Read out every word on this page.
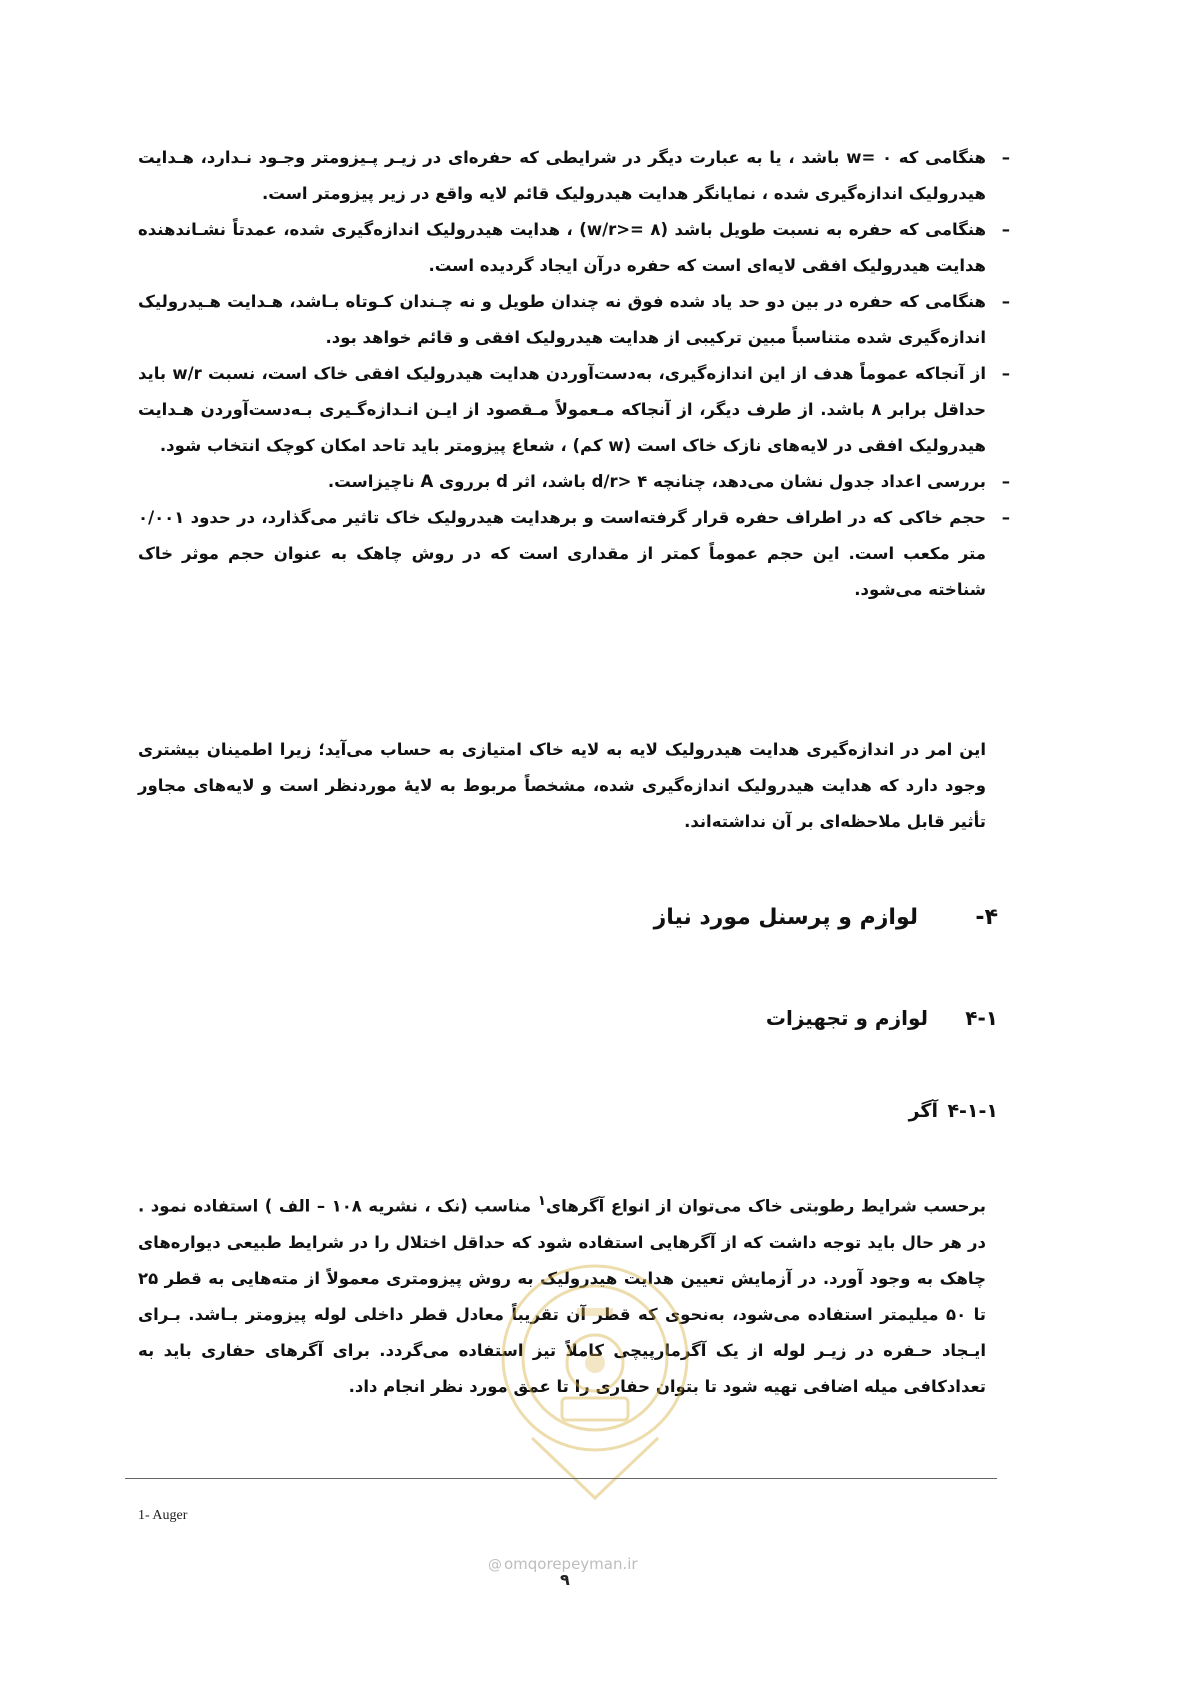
–
هنگامی که w= ۰ باشد ، یا به عبارت دیگر در شرایطی که حفره‌ای در زیـر پـیزومتر وجـود نـدارد، هـدایت هیدرولیک اندازه‌گیری شده ، نمایانگر هدایت هیدرولیک قائم لایه واقع در زیر پیزومتر است.
–
هنگامی که حفره به نسبت طویل باشد (w/r>= ۸) ، هدایت هیدرولیک اندازه‌گیری شده، عمدتاً نشـاندهنده هدایت هیدرولیک افقی لایه‌ای است که حفره درآن ایجاد گردیده است.
–
هنگامی که حفره در بین دو حد یاد شده فوق نه چندان طویل و نه چـندان کـوتاه بـاشد، هـدایت هـیدرولیک اندازه‌گیری شده متناسباً مبین ترکیبی از هدایت هیدرولیک افقی و قائم خواهد بود.
–
از آنجاکه عموماً هدف از این اندازه‌گیری، به‌دست‌آوردن هدایت هیدرولیک افقی خاک است، نسبت w/r باید حداقل برابر ۸ باشد. از طرف دیگر، از آنجاکه مـعمولاً مـقصود از ایـن انـدازه‌گـیری بـه‌دست‌آوردن هـدایت هیدرولیک افقی در لایه‌های نازک خاک است (w کم) ، شعاع پیزومتر باید تاحد امکان کوچک انتخاب شود.
–
بررسی اعداد جدول نشان می‌دهد، چنانچه d/r> ۴ باشد، اثر d برروی A ناچیزاست.
–
حجم خاکی که در اطراف حفره قرار گرفته‌است و برهدایت هیدرولیک خاک تاثیر می‌گذارد، در حدود ۰/۰۰۱ متر مکعب است. این حجم عموماً کمتر از مقداری است که در روش چاهک به عنوان حجم موثر خاک شناخته می‌شود.
این امر در اندازه‌گیری هدایت هیدرولیک لایه به لایه خاک امتیازی به حساب می‌آید؛ زیرا اطمینان بیشتری وجود دارد که هدایت هیدرولیک اندازه‌گیری شده، مشخصاً مربوط به لایهٔ موردنظر است و لایه‌های مجاور تأثیر قابل ملاحظه‌ای بر آن نداشته‌اند.
۴-
لوازم و پرسنل مورد نیاز
۴-۱
لوازم و تجهیزات
۴-۱-۱
آگر
برحسب شرایط رطوبتی خاک می‌توان از انواع آگرهای$^۱$ مناسب (نک ، نشریه ۱۰۸ – الف ) استفاده نمود . در هر حال باید توجه داشت که از آگرهایی استفاده شود که حداقل اختلال را در شرایط طبیعی دیواره‌های چاهک به وجود آورد. در آزمایش تعیین هدایت هیدرولیک به روش پیزومتری معمولاً از مته‌هایی به قطر ۲۵ تا ۵۰ میلیمتر استفاده می‌شود، به‌نحوی که قطر آن تقریباً معادل قطر داخلی لوله پیزومتر بـاشد. بـرای ایـجاد حـفره در زیـر لوله از یک آگرمارپیچی کاملاً تیز استفاده می‌گردد. برای آگرهای حفاری باید به تعدادکافی میله اضافی تهیه شود تا بتوان حفاری را تا عمق مورد نظر انجام داد.
1- Auger
@ omqorepeyman.ir
۹
